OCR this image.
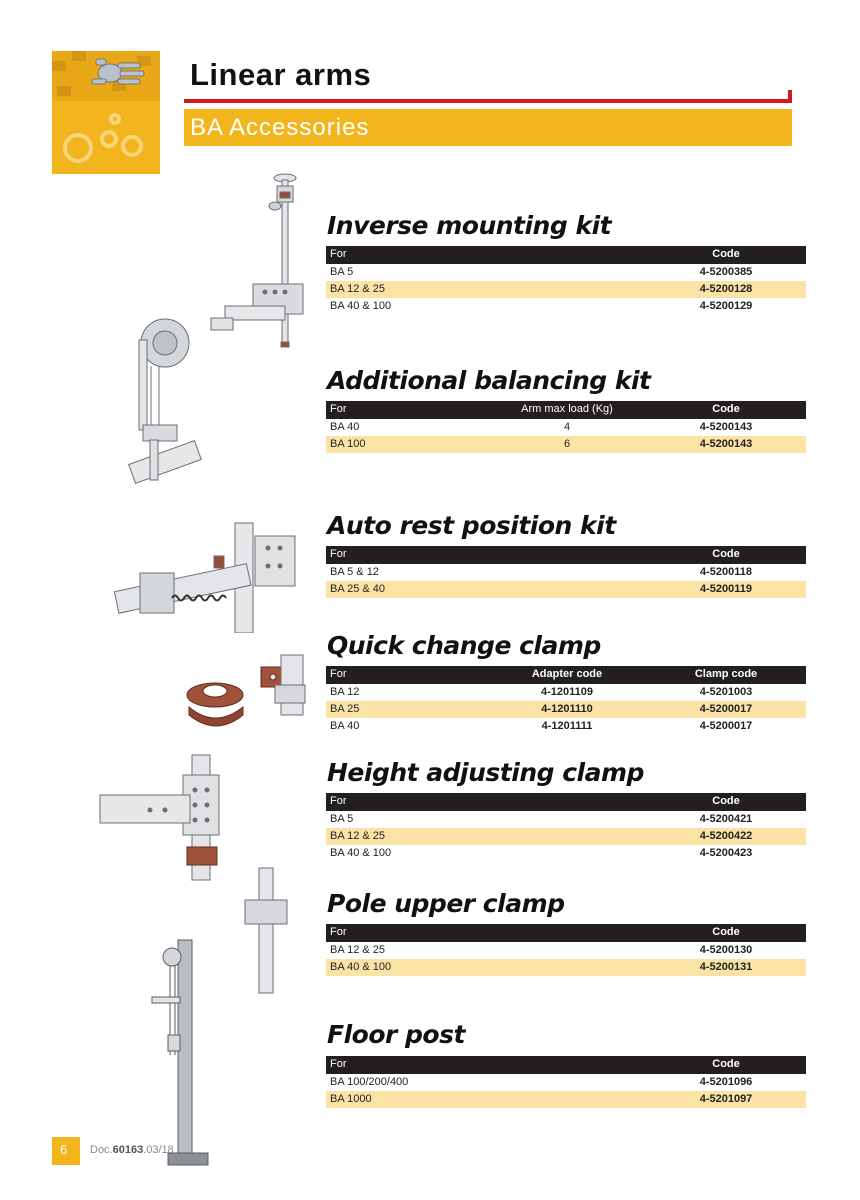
Linear arms
BA Accessories
Inverse mounting kit
For	Code
BA 5	4-5200385
BA 12 & 25	4-5200128
BA 40 & 100	4-5200129
Additional balancing kit
For	Arm max load (Kg)	Code
BA 40	4	4-5200143
BA 100	6	4-5200143
Auto rest position kit
For	Code
BA 5 & 12	4-5200118
BA 25 & 40	4-5200119
Quick change clamp
For	Adapter code	Clamp code
BA 12	4-1201109	4-5201003
BA 25	4-1201110	4-5200017
BA 40	4-1201111	4-5200017
Height adjusting clamp
For	Code
BA 5	4-5200421
BA 12 & 25	4-5200422
BA 40 & 100	4-5200423
Pole upper clamp
For	Code
BA 12 & 25	4-5200130
BA 40 & 100	4-5200131
Floor post
For	Code
BA 100/200/400	4-5201096
BA 1000	4-5201097
6 Doc.60163.03/18
